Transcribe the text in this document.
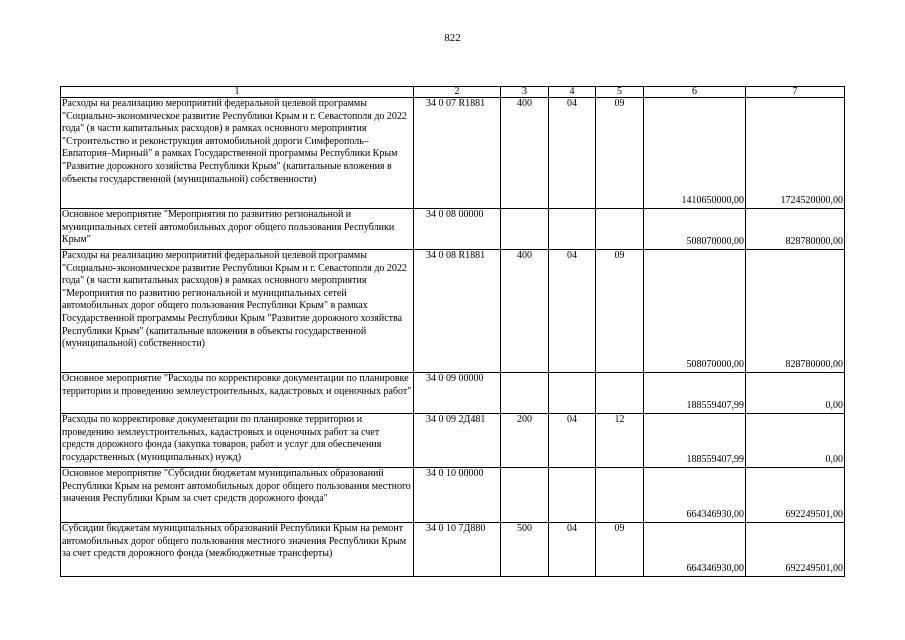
822
1	2	3	4	5	6	7
Расходы на реализацию мероприятий федеральной целевой программы "Социально-экономическое развитие Республики Крым и г. Севастополя до 2022 года" (в части капитальных расходов) в рамках основного мероприятия "Строительство и реконструкция автомобильной дороги Симферополь–Евпатория–Мирный" в рамках Государственной программы Республики Крым "Развитие дорожного хозяйства Республики Крым" (капитальные вложения в объекты государственной (муниципальной) собственности)	34 0 07 R1881	400	04	09	1410650000,00	1724520000,00
Основное мероприятие "Мероприятия по развитию региональной и муниципальных сетей автомобильных дорог общего пользования Республики Крым"	34 0 08 00000				508070000,00	828780000,00
Расходы на реализацию мероприятий федеральной целевой программы "Социально-экономическое развитие Республики Крым и г. Севастополя до 2022 года" (в части капитальных расходов) в рамках основного мероприятия "Мероприятия по развитию региональной и муниципальных сетей автомобильных дорог общего пользования Республики Крым" в рамках Государственной программы Республики Крым "Развитие дорожного хозяйства Республики Крым" (капитальные вложения в объекты государственной (муниципальной) собственности)	34 0 08 R1881	400	04	09	508070000,00	828780000,00
Основное мероприятие "Расходы по корректировке документации по планировке территории и проведению землеустроительных, кадастровых и оценочных работ"	34 0 09 00000				188559407,99	0,00
Расходы по корректировке документации по планировке территории и проведению землеустроительных, кадастровых и оценочных работ за счет средств дорожного фонда (закупка товаров, работ и услуг для обеспечения государственных (муниципальных) нужд)	34 0 09 2Д481	200	04	12	188559407,99	0,00
Основное мероприятие "Субсидии бюджетам муниципальных образований Республики Крым на ремонт автомобильных дорог общего пользования местного значения Республики Крым за счет средств дорожного фонда"	34 0 10 00000				664346930,00	692249501,00
Субсидии бюджетам муниципальных образований Республики Крым на ремонт автомобильных дорог общего пользования местного значения Республики Крым за счет средств дорожного фонда (межбюджетные трансферты)	34 0 10 7Д880	500	04	09	664346930,00	692249501,00
